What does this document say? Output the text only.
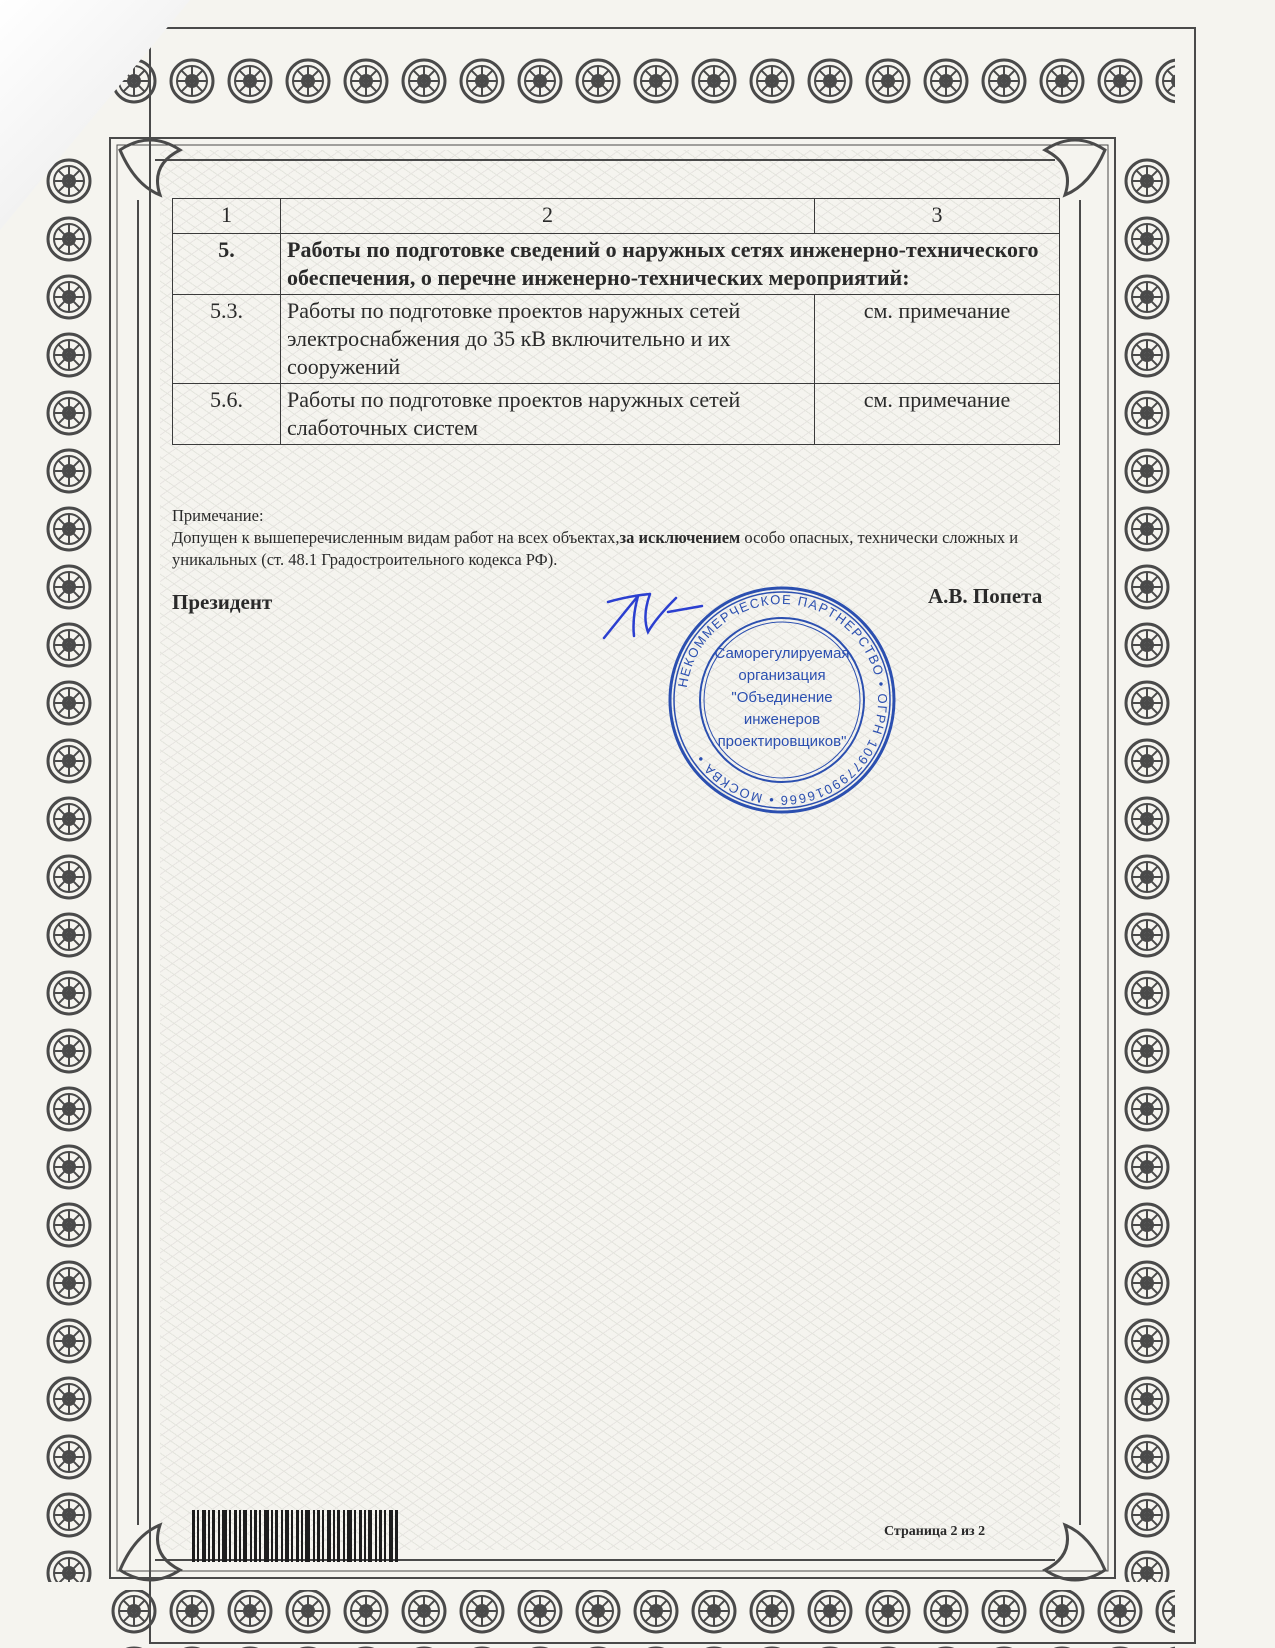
1	2	3
5.	Работы по подготовке сведений о наружных сетях инженерно-технического обеспечения, о перечне инженерно-технических мероприятий:	
5.3.	Работы по подготовке проектов наружных сетей электроснабжения до 35 кВ включительно и их сооружений	см. примечание
5.6.	Работы по подготовке проектов наружных сетей слаботочных систем	см. примечание
Примечание:
Допущен к вышеперечисленным видам работ на всех объектах,за исключением особо опасных, технически сложных и уникальных (ст. 48.1 Градостроительного кодекса РФ).
Президент	А.В. Попета
НЕКОММЕРЧЕСКОЕ ПАРТНЕРСТВО • ОГРН 1097799016666 • МОСКВА •
Саморегулируемая
организация
"Объединение
инженеров
проектировщиков"
Страница 2 из 2
